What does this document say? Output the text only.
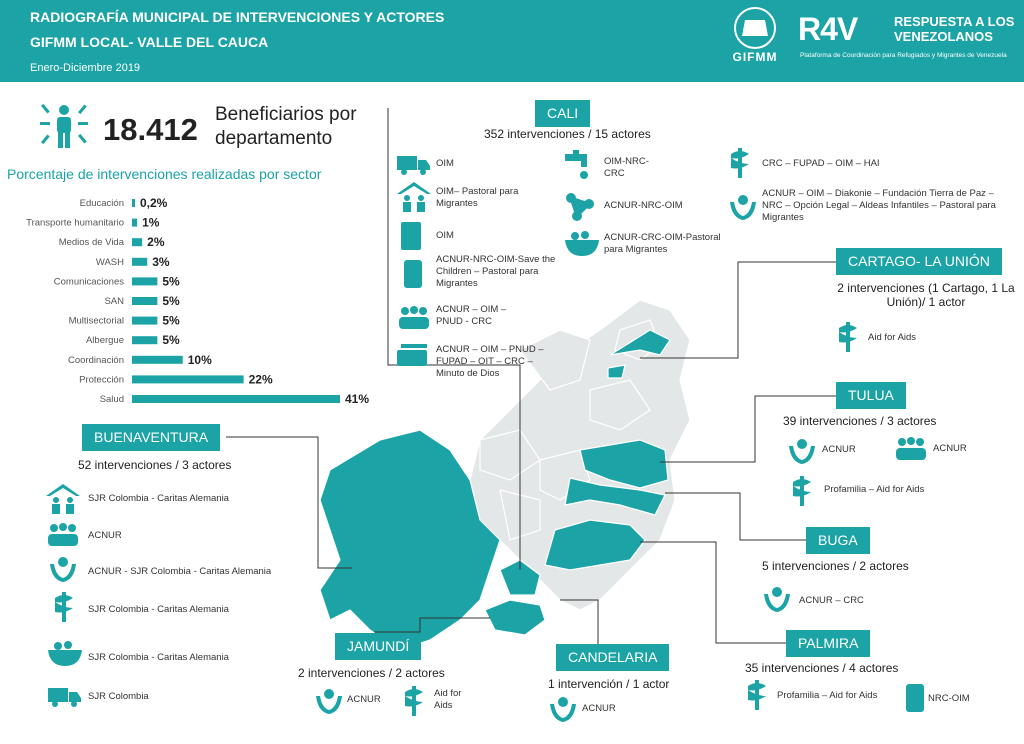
RADIOGRAFÍA MUNICIPAL DE INTERVENCIONES Y ACTORES
GIFMM LOCAL- VALLE DEL CAUCA
Enero-Diciembre 2019
GIFMM
R4V	RESPUESTA A LOS VENEZOLANOS
Plataforma de Coordinación para Refugiados y Migrantes de Venezuela
18.412 Beneficiarios por departamento
Porcentaje de intervenciones realizadas por sector
Educación 0,2%
Transporte humanitario 1%
Medios de Vida 2%
WASH 3%
Comunicaciones	5%
SAN	5%
Multisectorial	5%
Albergue	5%
Coordinación	10%
Protección	22%
Salud	41%
CALI
352 intervenciones / 15 actores
OIM
OIM– Pastoral para Migrantes
OIM
ACNUR-NRC-OIM-Save the Children – Pastoral para Migrantes
ACNUR – OIM – PNUD - CRC
ACNUR – OIM – PNUD – FUPAD – OIT – CRC – Minuto de Dios
OIM-NRC-CRC
ACNUR-NRC-OIM
ACNUR-CRC-OIM-Pastoral para Migrantes
CRC – FUPAD – OIM – HAI
ACNUR – OIM – Diakonie – Fundación Tierra de Paz – NRC – Opción Legal – Aldeas Infantiles – Pastoral para Migrantes
BUENAVENTURA
52 intervenciones / 3 actores
SJR Colombia - Caritas Alemania
ACNUR
ACNUR - SJR Colombia - Caritas Alemania
SJR Colombia - Caritas Alemania
SJR Colombia - Caritas Alemania
SJR Colombia
CARTAGO- LA UNIÓN
2 intervenciones (1 Cartago, 1 La Unión)/ 1 actor
Aid for Aids
TULUA
39 intervenciones / 3 actores
ACNUR	ACNUR
Profamilia – Aid for Aids
BUGA
5 intervenciones / 2 actores
ACNUR – CRC
PALMIRA
35 intervenciones / 4 actores
Profamilia – Aid for Aids	NRC-OIM
JAMUNDÍ
2 intervenciones / 2 actores
ACNUR
Aid for Aids
CANDELARIA
1 intervención / 1 actor
ACNUR
